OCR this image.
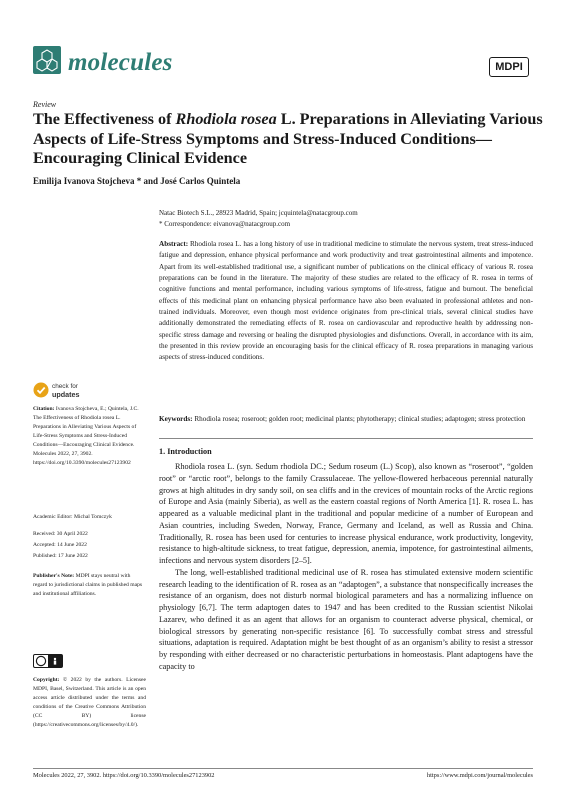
molecules	MDPI
Review
The Effectiveness of Rhodiola rosea L. Preparations in Alleviating Various Aspects of Life-Stress Symptoms and Stress-Induced Conditions—Encouraging Clinical Evidence
Emilija Ivanova Stojcheva * and José Carlos Quintela
Natac Biotech S.L., 28923 Madrid, Spain; jcquintela@natacgroup.com
* Correspondence: eivanova@natacgroup.com
Abstract: Rhodiola rosea L. has a long history of use in traditional medicine to stimulate the nervous system, treat stress-induced fatigue and depression, enhance physical performance and work productivity and treat gastrointestinal ailments and impotence. Apart from its well-established traditional use, a significant number of publications on the clinical efficacy of various R. rosea preparations can be found in the literature. The majority of these studies are related to the efficacy of R. rosea in terms of cognitive functions and mental performance, including various symptoms of life-stress, fatigue and burnout. The beneficial effects of this medicinal plant on enhancing physical performance have also been evaluated in professional athletes and non-trained individuals. Moreover, even though most evidence originates from pre-clinical trials, several clinical studies have additionally demonstrated the remediating effects of R. rosea on cardiovascular and reproductive health by addressing non-specific stress damage and reversing or healing the disrupted physiologies and disfunctions. Overall, in accordance with its aim, the presented in this review provide an encouraging basis for the clinical efficacy of R. rosea preparations in managing various aspects of stress-induced conditions.
Keywords: Rhodiola rosea; roseroot; golden root; medicinal plants; phytotherapy; clinical studies; adaptogen; stress protection
check for
updates
Citation: Ivanova Stojcheva, E.; Quintela, J.C. The Effectiveness of Rhodiola rosea L. Preparations in Alleviating Various Aspects of Life-Stress Symptoms and Stress-Induced Conditions—Encouraging Clinical Evidence. Molecules 2022, 27, 3902. https://doi.org/10.3390/molecules27123902
Academic Editor: Michal Tomczyk
Received: 30 April 2022
Accepted: 14 June 2022
Published: 17 June 2022
Publisher's Note: MDPI stays neutral with regard to jurisdictional claims in published maps and institutional affiliations.
Copyright: © 2022 by the authors. Licensee MDPI, Basel, Switzerland. This article is an open access article distributed under the terms and conditions of the Creative Commons Attribution (CC BY) license (https://creativecommons.org/licenses/by/4.0/).
1. Introduction

Rhodiola rosea L. (syn. Sedum rhodiola DC.; Sedum roseum (L.) Scop), also known as “roseroot”, “golden root” or “arctic root”, belongs to the family Crassulaceae. The yellow-flowered herbaceous perennial naturally grows at high altitudes in dry sandy soil, on sea cliffs and in the crevices of mountain rocks of the Arctic regions of Europe and Asia (mainly Siberia), as well as the eastern coastal regions of North America [1]. R. rosea L. has appeared as a valuable medicinal plant in the traditional and popular medicine of a number of European and Asian countries, including Sweden, Norway, France, Germany and Iceland, as well as Russia and China. Traditionally, R. rosea has been used for centuries to increase physical endurance, work productivity, longevity, resistance to high-altitude sickness, to treat fatigue, depression, anemia, impotence, for gastrointestinal ailments, infections and nervous system disorders [2–5].

The long, well-established traditional medicinal use of R. rosea has stimulated extensive modern scientific research leading to the identification of R. rosea as an “adaptogen”, a substance that nonspecifically increases the resistance of an organism, does not disturb normal biological parameters and has a normalizing influence on physiology [6,7]. The term adaptogen dates to 1947 and has been credited to the Russian scientist Nikolai Lazarev, who defined it as an agent that allows for an organism to counteract adverse physical, chemical, or biological stressors by generating non-specific resistance [6]. To successfully combat stress and stressful situations, adaptation is required. Adaptation might be best thought of as an organism’s ability to resist a stressor by responding with either decreased or no characteristic perturbations in homeostasis. Plant adaptogens have the capacity to

Molecules 2022, 27, 3902. https://doi.org/10.3390/molecules27123902	https://www.mdpi.com/journal/molecules
